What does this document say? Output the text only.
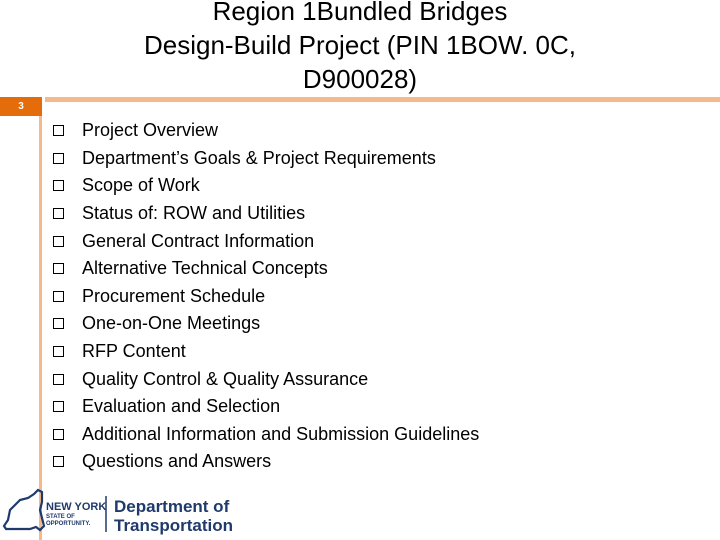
Region 1Bundled Bridges
Design-Build Project (PIN 1BOW. 0C,
D900028)
3
Project Overview
Department’s Goals & Project Requirements
Scope of Work
Status of: ROW and Utilities
General Contract Information
Alternative Technical Concepts
Procurement Schedule
One-on-One Meetings
RFP Content
Quality Control & Quality Assurance
Evaluation and Selection
Additional Information and Submission Guidelines
Questions and Answers
NEW YORK
STATE OF
OPPORTUNITY.
Department of
Transportation
